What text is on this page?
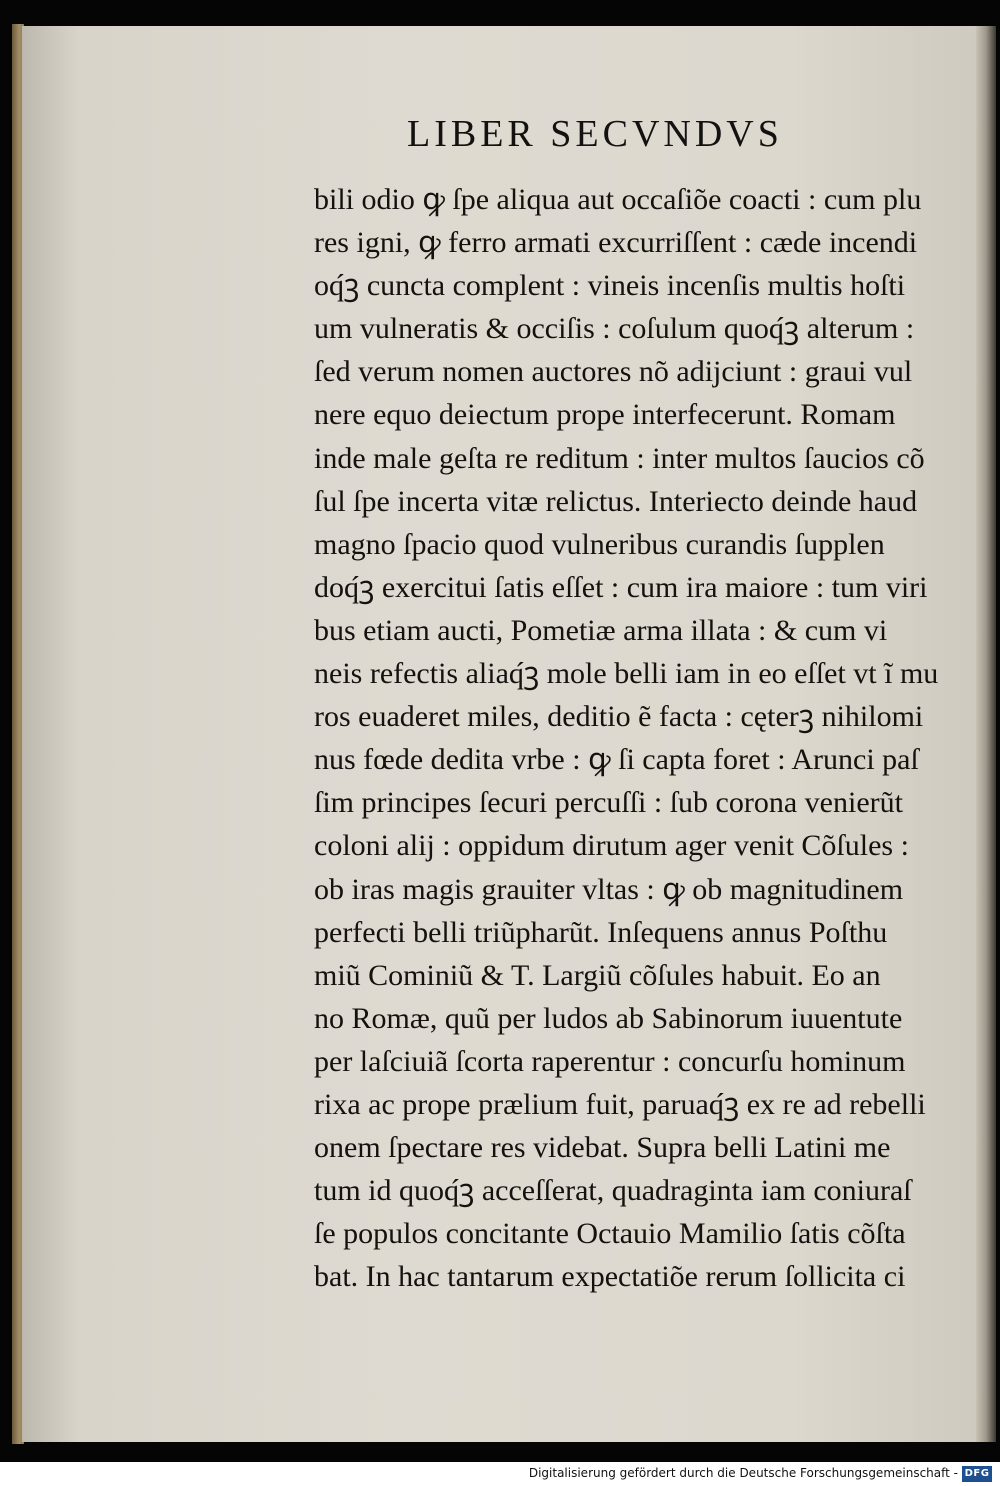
LIBER SECVNDVS
bili odio ꝙ ſpe aliqua aut occaſiõe coacti : cum plu
res igni, ꝙ ferro armati excurriſſent : cæde incendi
oq́ꝫ cuncta complent : vineis incenſis multis hoſti
um vulneratis & occiſis : coſulum quoq́ꝫ alterum :
ſed verum nomen auctores nõ adijciunt : graui vul
nere equo deiectum prope interfecerunt. Romam
inde male geſta re reditum : inter multos ſaucios cõ
ſul ſpe incerta vitæ relictus. Interiecto deinde haud
magno ſpacio quod vulneribus curandis ſupplen
doq́ꝫ exercitui ſatis eſſet : cum ira maiore : tum viri
bus etiam aucti, Pometiæ arma illata : & cum vi
neis refectis aliaq́ꝫ mole belli iam in eo eſſet vt ĩ mu
ros euaderet miles, deditio ẽ facta : cęterꝫ nihilomi
nus fœde dedita vrbe : ꝙ ſi capta foret : Arunci paſ
ſim principes ſecuri percuſſi : ſub corona venierũt
coloni alij : oppidum dirutum ager venit Cõſules :
ob iras magis grauiter vltas : ꝙ ob magnitudinem
perfecti belli triũpharũt. Inſequens annus Poſthu
miũ Cominiũ & T. Largiũ cõſules habuit. Eo an
no Romæ, quũ per ludos ab Sabinorum iuuentute
per laſciuiã ſcorta raperentur : concurſu hominum
rixa ac prope prælium fuit, paruaq́ꝫ ex re ad rebelli
onem ſpectare res videbat. Supra belli Latini me
tum id quoq́ꝫ acceſſerat, quadraginta iam coniuraſ
ſe populos concitante Octauio Mamilio ſatis cõſta
bat. In hac tantarum expectatiõe rerum ſollicita ci
Digitalisierung gefördert durch die Deutsche Forschungsgemeinschaft - DFG
